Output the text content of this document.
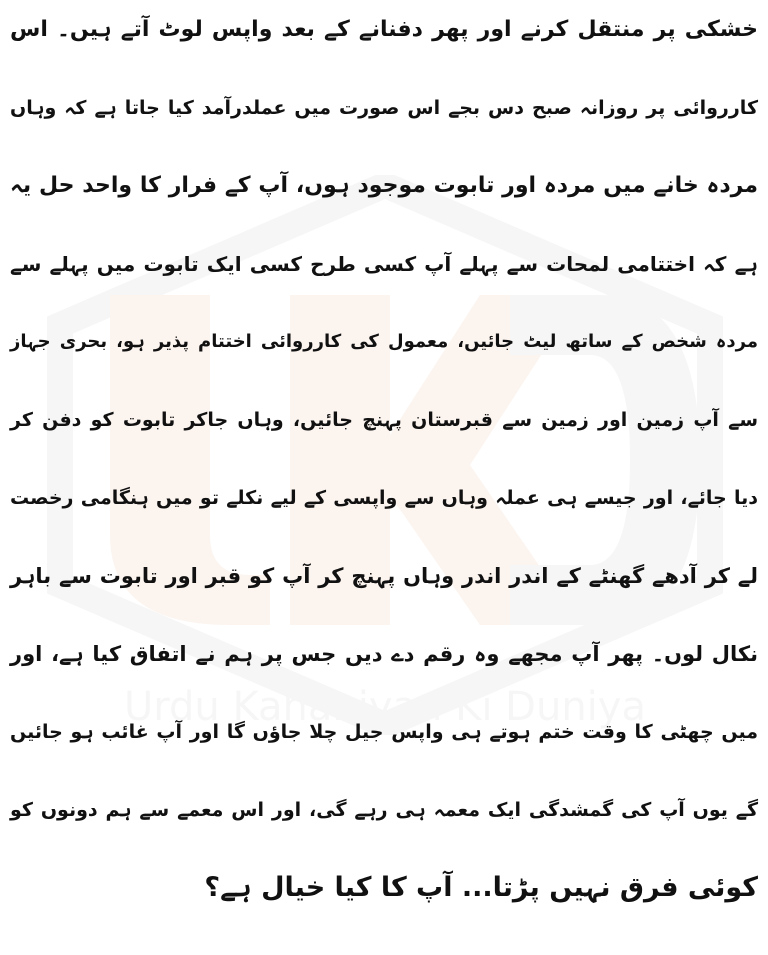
Urdu Kahaniyan Ki Duniya
خشکی پر منتقل کرنے اور پھر دفنانے کے بعد واپس لوٹ آتے ہیں۔ اس
کارروائی پر روزانہ صبح دس بجے اس صورت میں عملدرآمد کیا جاتا ہے کہ وہاں
مردہ خانے میں مردہ اور تابوت موجود ہوں، آپ کے فرار کا واحد حل یہ
ہے کہ اختتامی لمحات سے پہلے آپ کسی طرح کسی ایک تابوت میں پہلے سے
مردہ شخص کے ساتھ لیٹ جائیں، معمول کی کارروائی اختتام پذیر ہو، بحری جہاز
سے آپ زمین اور زمین سے قبرستان پہنچ جائیں، وہاں جاکر تابوت کو دفن کر
دیا جائے، اور جیسے ہی عملہ وہاں سے واپسی کے لیے نکلے تو میں ہنگامی رخصت
لے کر آدھے گھنٹے کے اندر اندر وہاں پہنچ کر آپ کو قبر اور تابوت سے باہر
نکال لوں۔ پھر آپ مجھے وہ رقم دے دیں جس پر ہم نے اتفاق کیا ہے، اور
میں چھٹی کا وقت ختم ہوتے ہی واپس جیل چلا جاؤں گا اور آپ غائب ہو جائیں
گے یوں آپ کی گمشدگی ایک معمہ ہی رہے گی، اور اس معمے سے ہم دونوں کو
کوئی فرق نہیں پڑتا... آپ کا کیا خیال ہے؟
